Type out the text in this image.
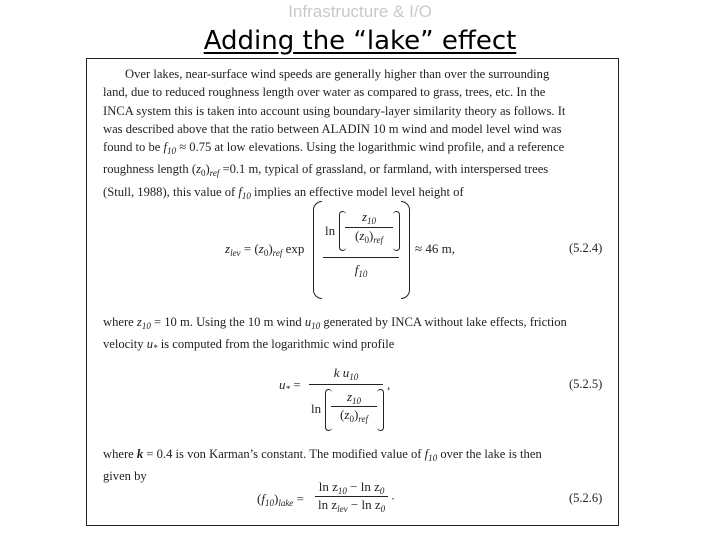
Infrastructure & I/O
Adding the “lake” effect
Over lakes, near-surface wind speeds are generally higher than over the surrounding
land, due to reduced roughness length over water as compared to grass, trees, etc. In the
INCA system this is taken into account using boundary-layer similarity theory as follows. It
was described above that the ratio between ALADIN 10 m wind and model level wind was
found to be $f_{10} \approx 0.75$ at low elevations. Using the logarithmic wind profile, and a reference
roughness length $(z_0)_{ref} =0.1$ m, typical of grassland, or farmland, with interspersed trees
(Stull, 1988), this value of $f_{10}$ implies an effective model level height of
$z_{lev} = (z_0)_{ref}$ exp
ln
$z_{10}$
$(z_0)_{ref}$
$f_{10}$
≈ 46 m,	(5.2.4)
where $z_{10} = 10$ m. Using the 10 m wind $u_{10}$ generated by INCA without lake effects, friction
velocity $u_*$ is computed from the logarithmic wind profile
$u_*$ =
k $u_{10}$
ln
$z_{10}$
$(z_0)_{ref}$
,	(5.2.5)
where k = 0.4 is von Karman’s constant. The modified value of $f_{10}$ over the lake is then
given by
$(f_{10})_{lake} = \frac{\ln z_{10} - \ln z_0}{\ln z_{lev} - \ln z_0}$ .	(5.2.6)
